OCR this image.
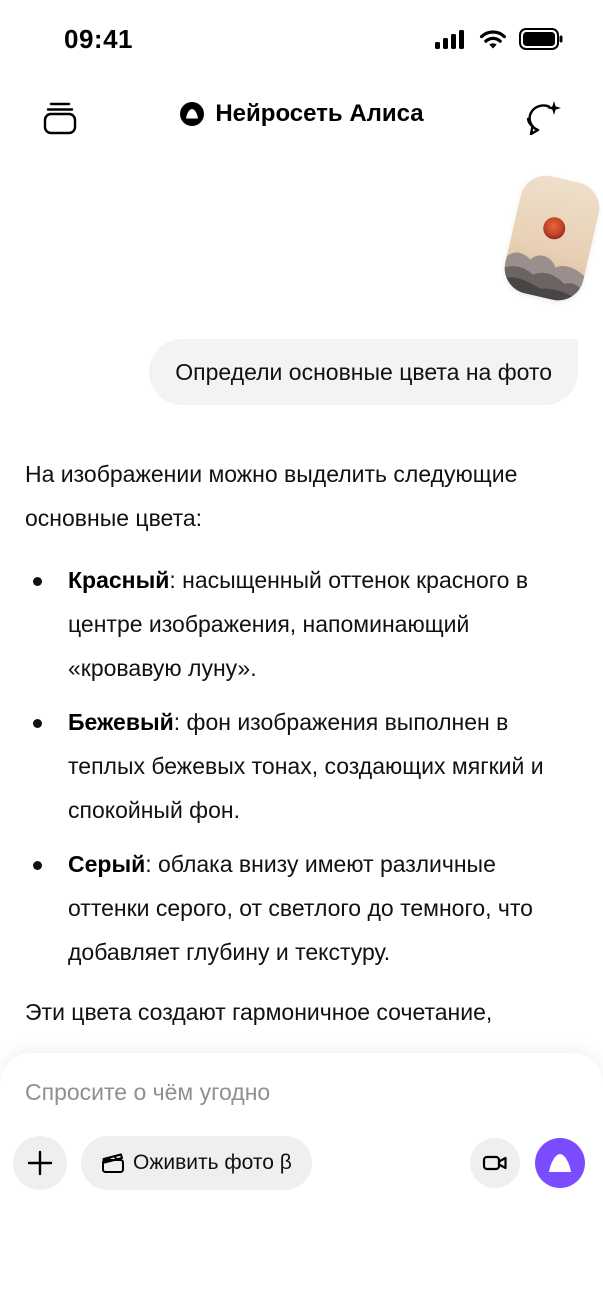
09:41
Нейросеть Алиса
Определи основные цвета на фото

На изображении можно выделить следующие основные цвета:

Красный: насыщенный оттенок красного в центре изображения, напоминающий «кровавую луну».
Бежевый: фон изображения выполнен в теплых бежевых тонах, создающих мягкий и спокойный фон.
Серый: облака внизу имеют различные оттенки серого, от светлого до темного, что добавляет глубину и текстуру.

Эти цвета создают гармоничное сочетание,

Спросите о чём угодно
Оживить фото β
